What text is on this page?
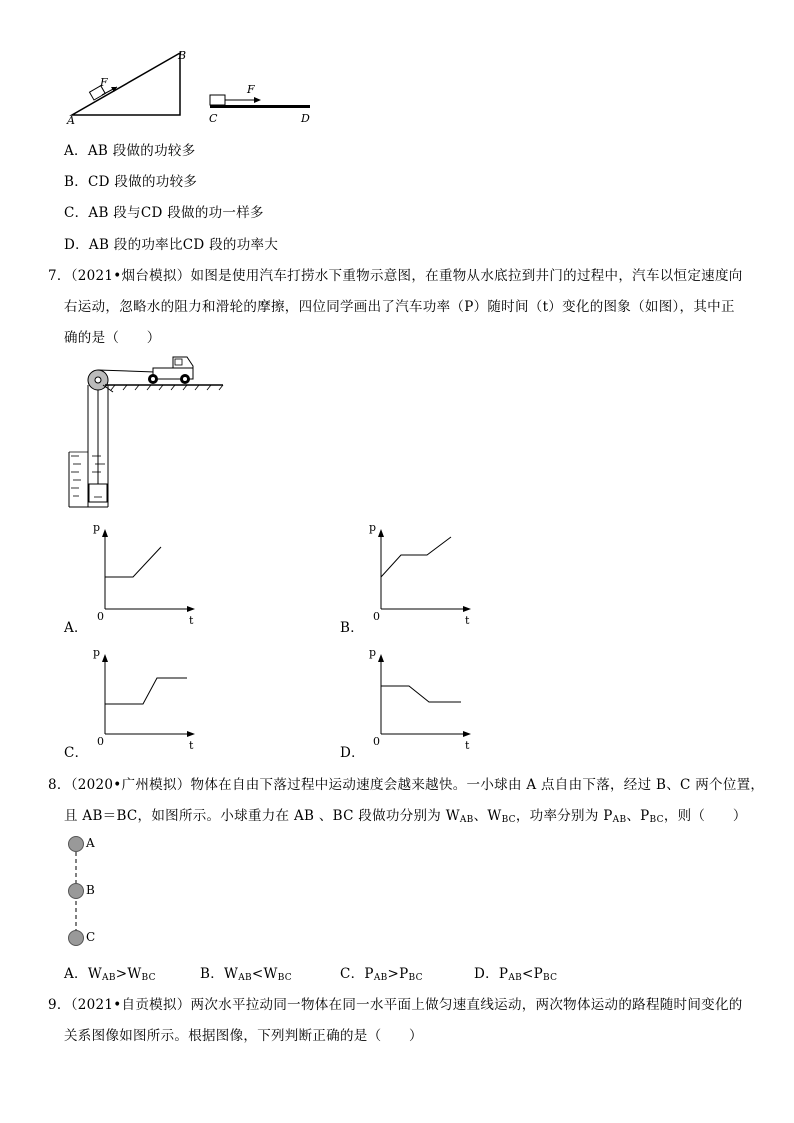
A
B
F
C	D
F
A．AB 段做的功较多
B．CD 段做的功较多
C．AB 段与CD 段做的功一样多
D．AB 段的功率比CD 段的功率大
7．（2021•烟台模拟）如图是使用汽车打捞水下重物示意图，在重物从水底拉到井门的过程中，汽车以恒定速度向
右运动，忽略水的阻力和滑轮的摩擦，四位同学画出了汽车功率（P）随时间（t）变化的图象（如图），其中正
确的是（　　）
p
0	t
A．
p
0	t
B．
p
0	t
C．
p
0	t
D．
8．（2020•广州模拟）物体在自由下落过程中运动速度会越来越快。一小球由 A 点自由下落，经过 B、C 两个位置，
且 AB＝BC，如图所示。小球重力在 AB 、BC 段做功分别为 $W_{AB}$、$W_{BC}$，功率分别为 $P_{AB}$、$P_{BC}$，则（　　）
A
B
C
A．$W_{AB}>W_{BC}$	B．$W_{AB}<W_{BC}$	C．$P_{AB}>P_{BC}$	D．$P_{AB}<P_{BC}$
9．（2021•自贡模拟）两次水平拉动同一物体在同一水平面上做匀速直线运动，两次物体运动的路程随时间变化的
关系图像如图所示。根据图像，下列判断正确的是（　　）
